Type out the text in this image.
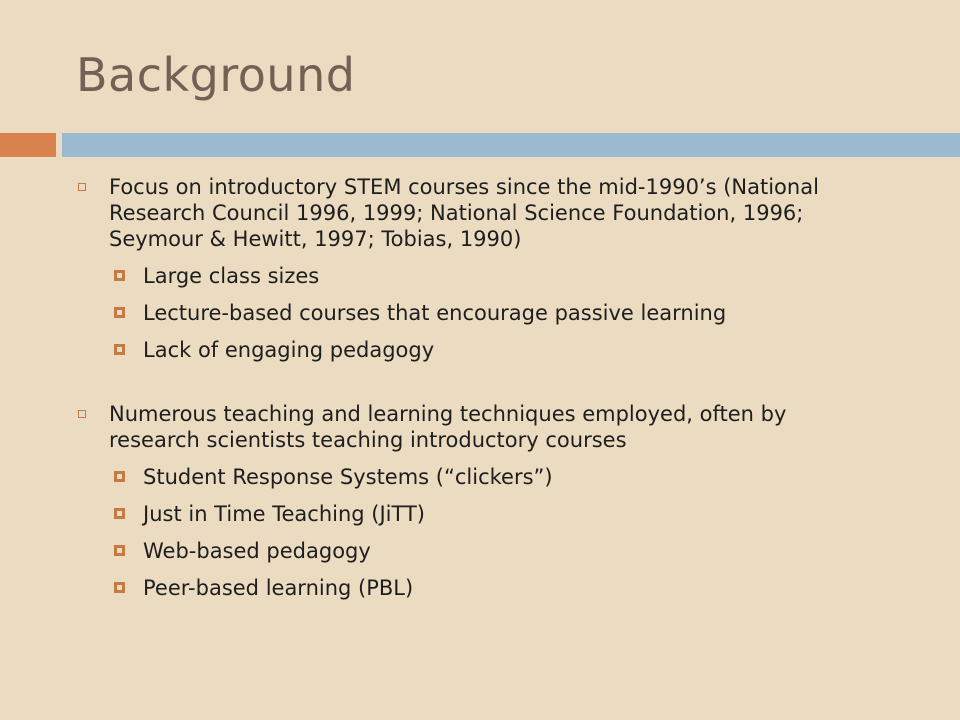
Background
Focus on introductory STEM courses since the mid-1990’s (National Research Council 1996, 1999; National Science Foundation, 1996; Seymour & Hewitt, 1997; Tobias, 1990)
Large class sizes
Lecture-based courses that encourage passive learning
Lack of engaging pedagogy
Numerous teaching and learning techniques employed, often by research scientists teaching introductory courses
Student Response Systems (“clickers”)
Just in Time Teaching (JiTT)
Web-based pedagogy
Peer-based learning (PBL)
